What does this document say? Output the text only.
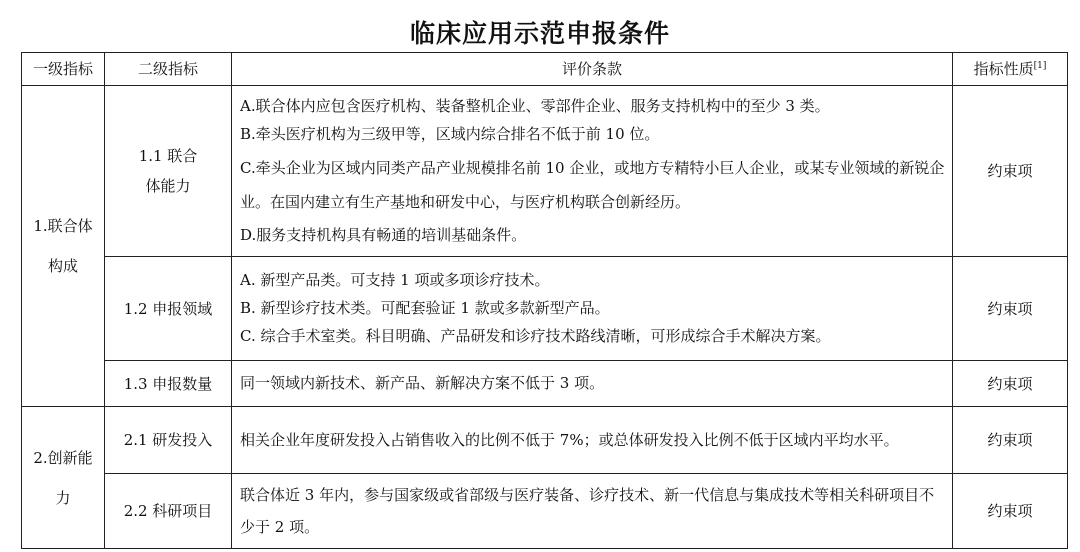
临床应用示范申报条件
一级指标	二级指标	评价条款	指标性质[1]
1.联合体构成	1.1 联合体能力	A.联合体内应包含医疗机构、装备整机企业、零部件企业、服务支持机构中的至少 3 类。
B.牵头医疗机构为三级甲等，区域内综合排名不低于前 10 位。
C.牵头企业为区域内同类产品产业规模排名前 10 企业，或地方专精特小巨人企业，或某专业领域的新锐企业。在国内建立有生产基地和研发中心，与医疗机构联合创新经历。
D.服务支持机构具有畅通的培训基础条件。	约束项
	1.2 申报领域	A. 新型产品类。可支持 1 项或多项诊疗技术。
B. 新型诊疗技术类。可配套验证 1 款或多款新型产品。
C. 综合手术室类。科目明确、产品研发和诊疗技术路线清晰，可形成综合手术解决方案。	约束项
	1.3 申报数量	同一领域内新技术、新产品、新解决方案不低于 3 项。	约束项
2.创新能力	2.1 研发投入	相关企业年度研发投入占销售收入的比例不低于 7%；或总体研发投入比例不低于区域内平均水平。	约束项
	2.2 科研项目	联合体近 3 年内，参与国家级或省部级与医疗装备、诊疗技术、新一代信息与集成技术等相关科研项目不少于 2 项。	约束项
